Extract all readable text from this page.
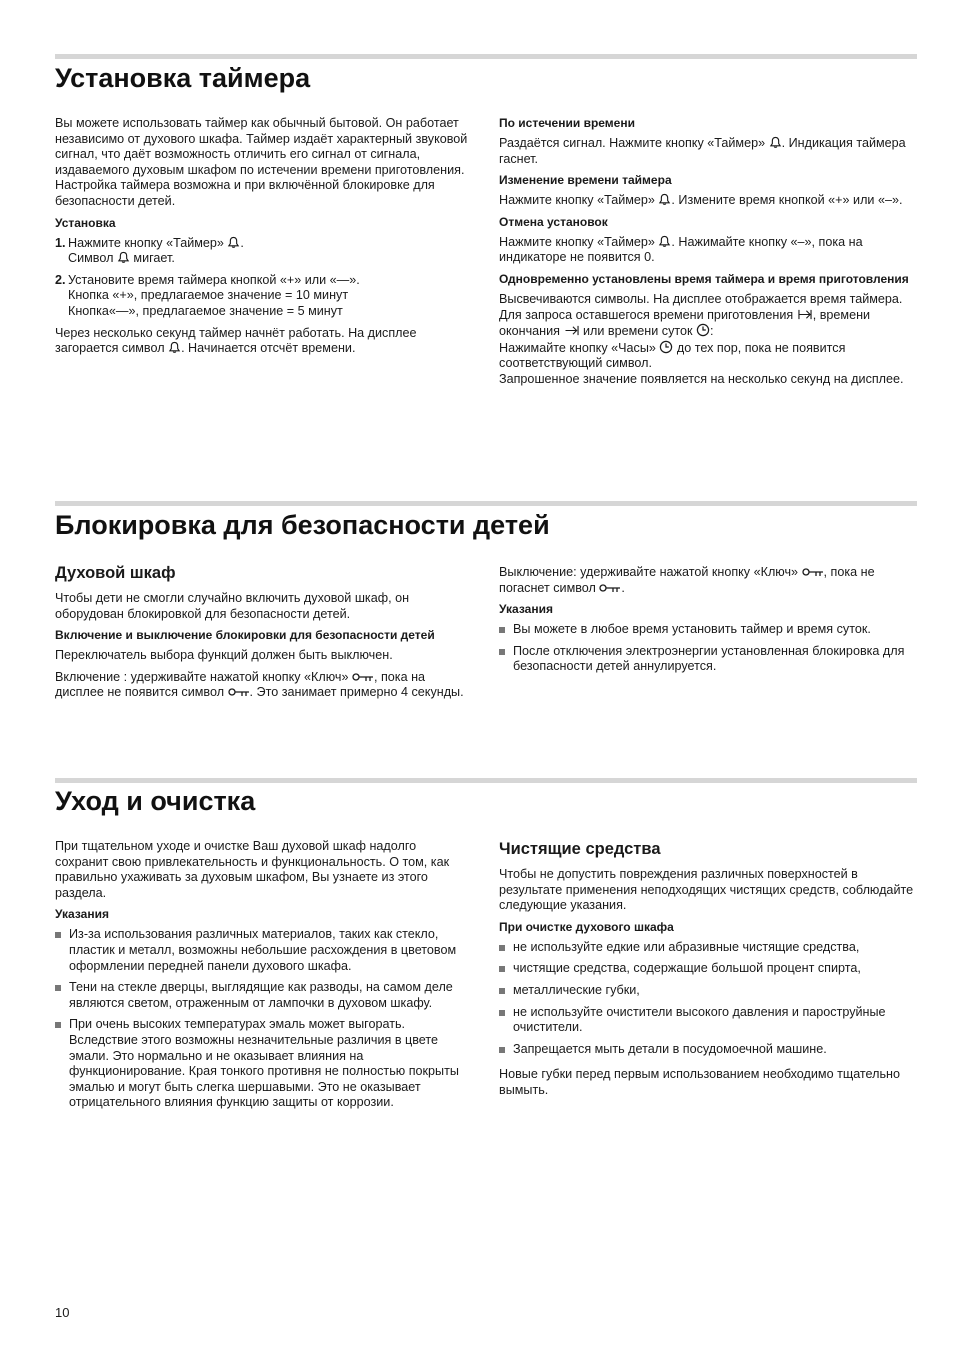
Установка таймера

Вы можете использовать таймер как обычный бытовой. Он работает независимо от духового шкафа. Таймер издаёт характерный звуковой сигнал, что даёт возможность отличить его сигнал от сигнала, издаваемого духовым шкафом по истечении времени приготовления. Настройка таймера возможна и при включённой блокировке для безопасности детей.

Установка
1. Нажмите кнопку «Таймер» .
Символ мигает.
2. Установите время таймера кнопкой «+» или «—».
Кнопка «+», предлагаемое значение = 10 минут
Кнопка«—», предлагаемое значение = 5 минут

Через несколько секунд таймер начнёт работать. На дисплее загорается символ . Начинается отсчёт времени.

По истечении времени

Раздаётся сигнал. Нажмите кнопку «Таймер» . Индикация таймера гаснет.

Изменение времени таймера

Нажмите кнопку «Таймер» . Измените время кнопкой «+» или «–».

Отмена установок

Нажмите кнопку «Таймер» . Нажимайте кнопку «–», пока на индикаторе не появится 0.

Одновременно установлены время таймера и время приготовления

Высвечиваются символы. На дисплее отображается время таймера.
Для запроса оставшегося времени приготовления , времени окончания или времени суток :
Нажимайте кнопку «Часы» до тех пор, пока не появится соответствующий символ.
Запрошенное значение появляется на несколько секунд на дисплее.

Блокировка для безопасности детей
Духовой шкаф

Чтобы дети не смогли случайно включить духовой шкаф, он оборудован блокировкой для безопасности детей.

Включение и выключение блокировки для безопасности детей

Переключатель выбора функций должен быть выключен.

Включение : удерживайте нажатой кнопку «Ключ» , пока на дисплее не появится символ . Это занимает примерно 4 секунды.

Выключение: удерживайте нажатой кнопку «Ключ» , пока не погаснет символ .

Указания
Вы можете в любое время установить таймер и время суток.
После отключения электроэнергии установленная блокировка для безопасности детей аннулируется.
Уход и очистка

При тщательном уходе и очистке Ваш духовой шкаф надолго сохранит свою привлекательность и функциональность. О том, как правильно ухаживать за духовым шкафом, Вы узнаете из этого раздела.

Указания
Из-за использования различных материалов, таких как стекло, пластик и металл, возможны небольшие расхождения в цветовом оформлении передней панели духового шкафа.
Тени на стекле дверцы, выглядящие как разводы, на самом деле являются светом, отраженным от лампочки в духовом шкафу.
При очень высоких температурах эмаль может выгорать. Вследствие этого возможны незначительные различия в цвете эмали. Это нормально и не оказывает влияния на функционирование. Края тонкого противня не полностью покрыты эмалью и могут быть слегка шершавыми. Это не оказывает отрицательного влияния функцию защиты от коррозии.
Чистящие средства

Чтобы не допустить повреждения различных поверхностей в результате применения неподходящих чистящих средств, соблюдайте следующие указания.

При очистке духового шкафа
не используйте едкие или абразивные чистящие средства,
чистящие средства, содержащие большой процент спирта,
металлические губки,
не используйте очистители высокого давления и пароструйные очистители.
Запрещается мыть детали в посудомоечной машине.

Новые губки перед первым использованием необходимо тщательно вымыть.

10
